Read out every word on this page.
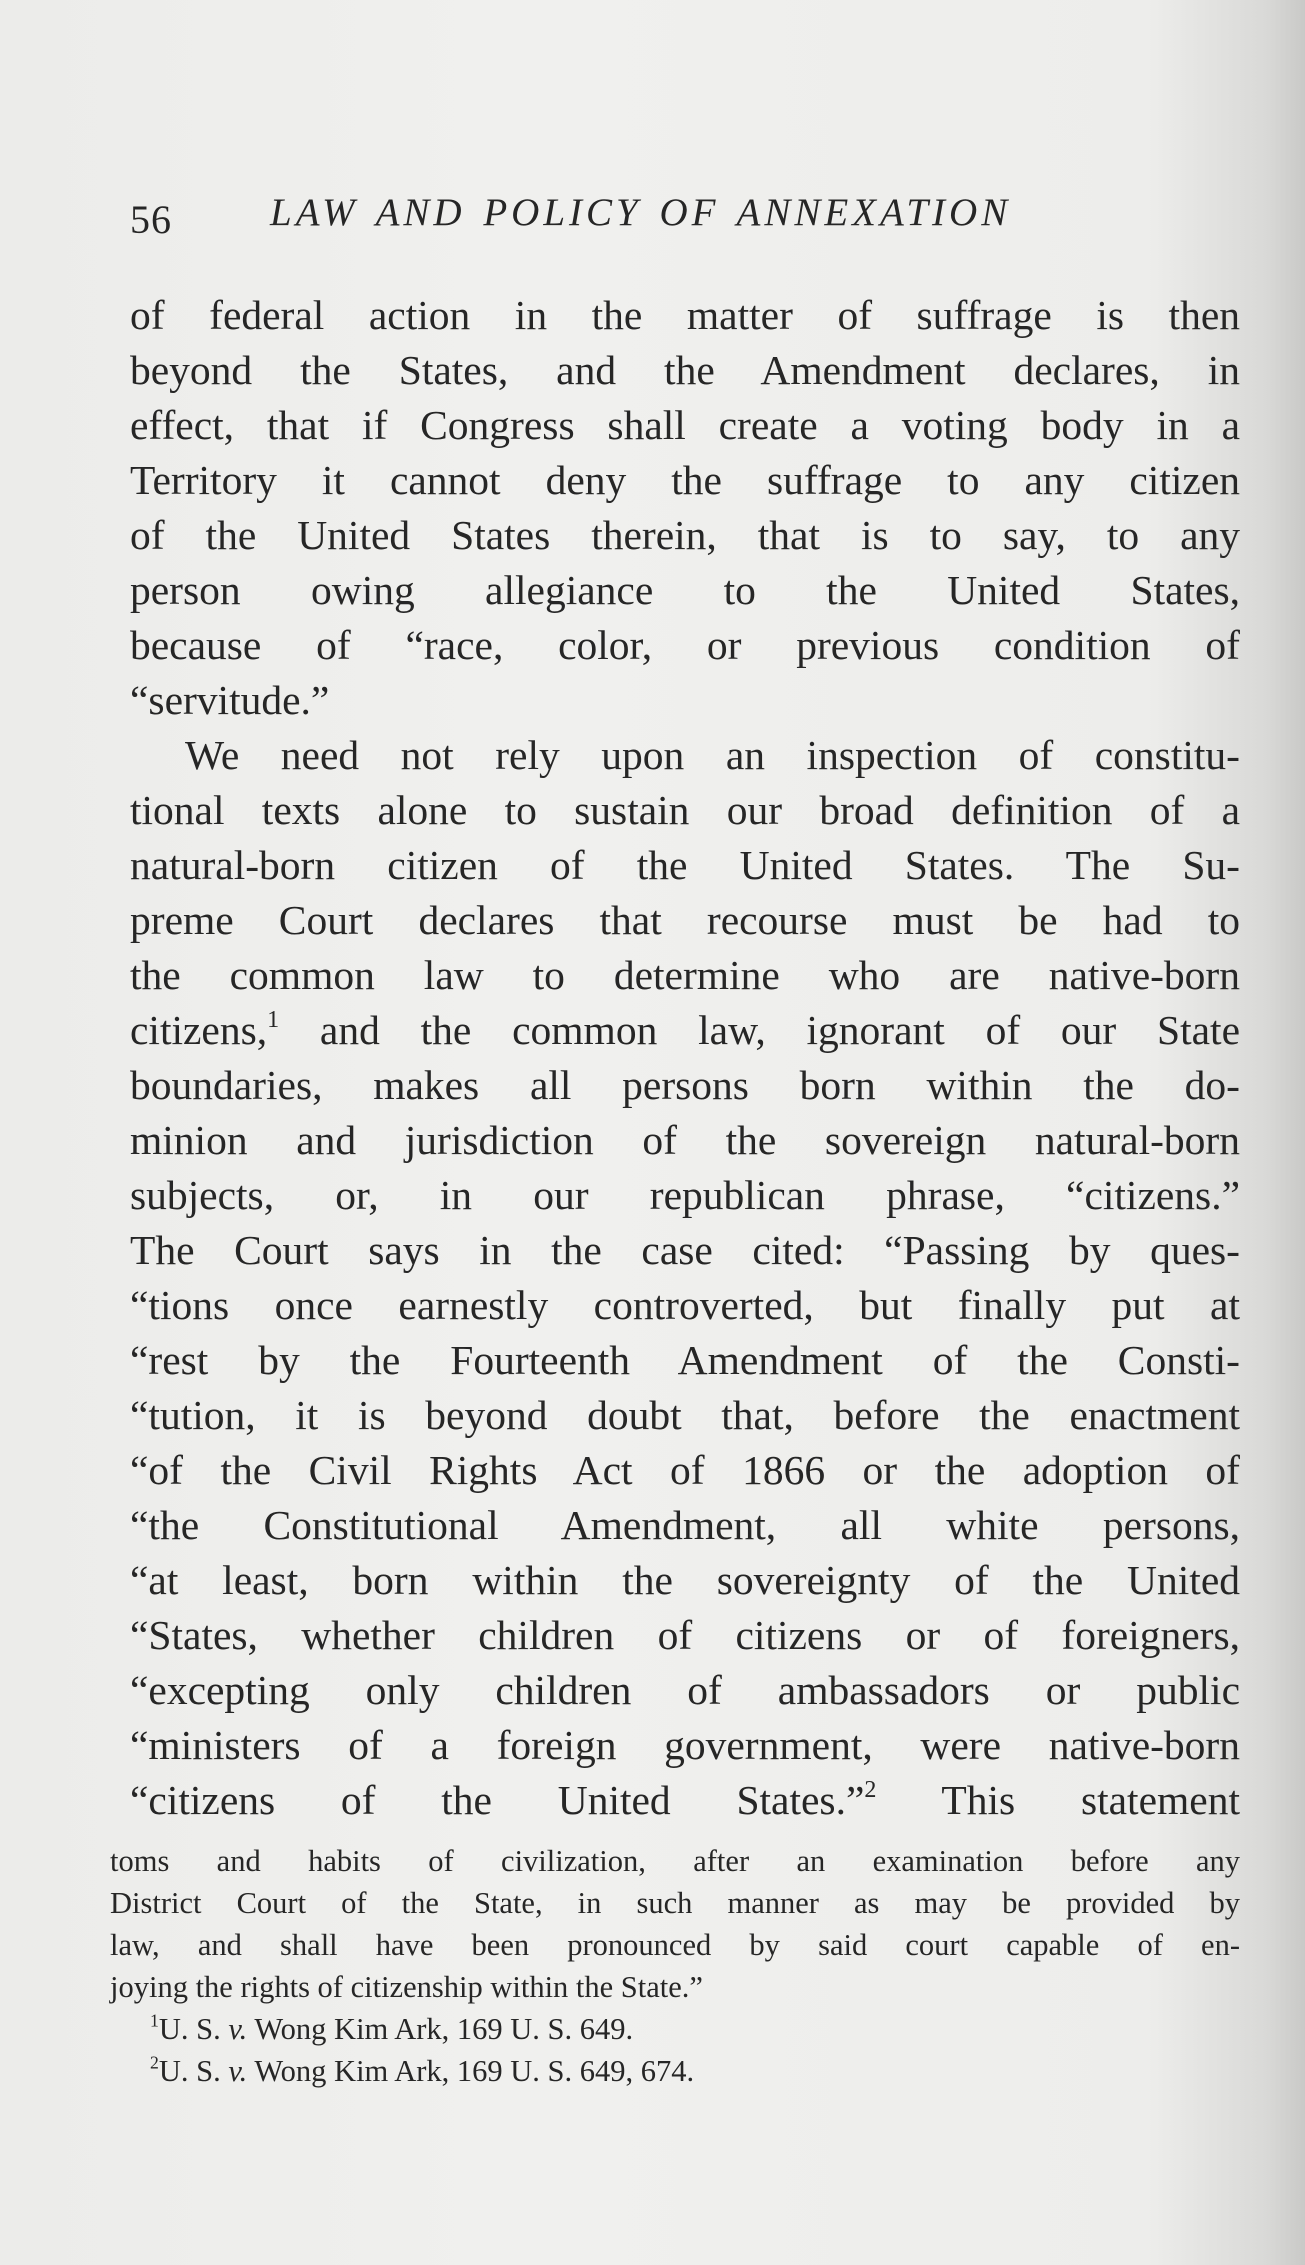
56	LAW AND POLICY OF ANNEXATION
of federal action in the matter of suffrage is then
beyond the States, and the Amendment declares, in
effect, that if Congress shall create a voting body in a
Territory it cannot deny the suffrage to any citizen
of the United States therein, that is to say, to any
person owing allegiance to the United States,
because of “race, color, or previous condition of
“servitude.”
We need not rely upon an inspection of constitu-
tional texts alone to sustain our broad definition of a
natural-born citizen of the United States. The Su-
preme Court declares that recourse must be had to
the common law to determine who are native-born
citizens,$^1$ and the common law, ignorant of our State
boundaries, makes all persons born within the do-
minion and jurisdiction of the sovereign natural-born
subjects, or, in our republican phrase, “citizens.”
The Court says in the case cited: “Passing by ques-
“tions once earnestly controverted, but finally put at
“rest by the Fourteenth Amendment of the Consti-
“tution, it is beyond doubt that, before the enactment
“of the Civil Rights Act of 1866 or the adoption of
“the Constitutional Amendment, all white persons,
“at least, born within the sovereignty of the United
“States, whether children of citizens or of foreigners,
“excepting only children of ambassadors or public
“ministers of a foreign government, were native-born
“citizens of the United States.”$^2$ This statement
toms and habits of civilization, after an examination before any
District Court of the State, in such manner as may be provided by
law, and shall have been pronounced by said court capable of en-
joying the rights of citizenship within the State.”
$^1$U. S. v. Wong Kim Ark, 169 U. S. 649.
$^2$U. S. v. Wong Kim Ark, 169 U. S. 649, 674.
